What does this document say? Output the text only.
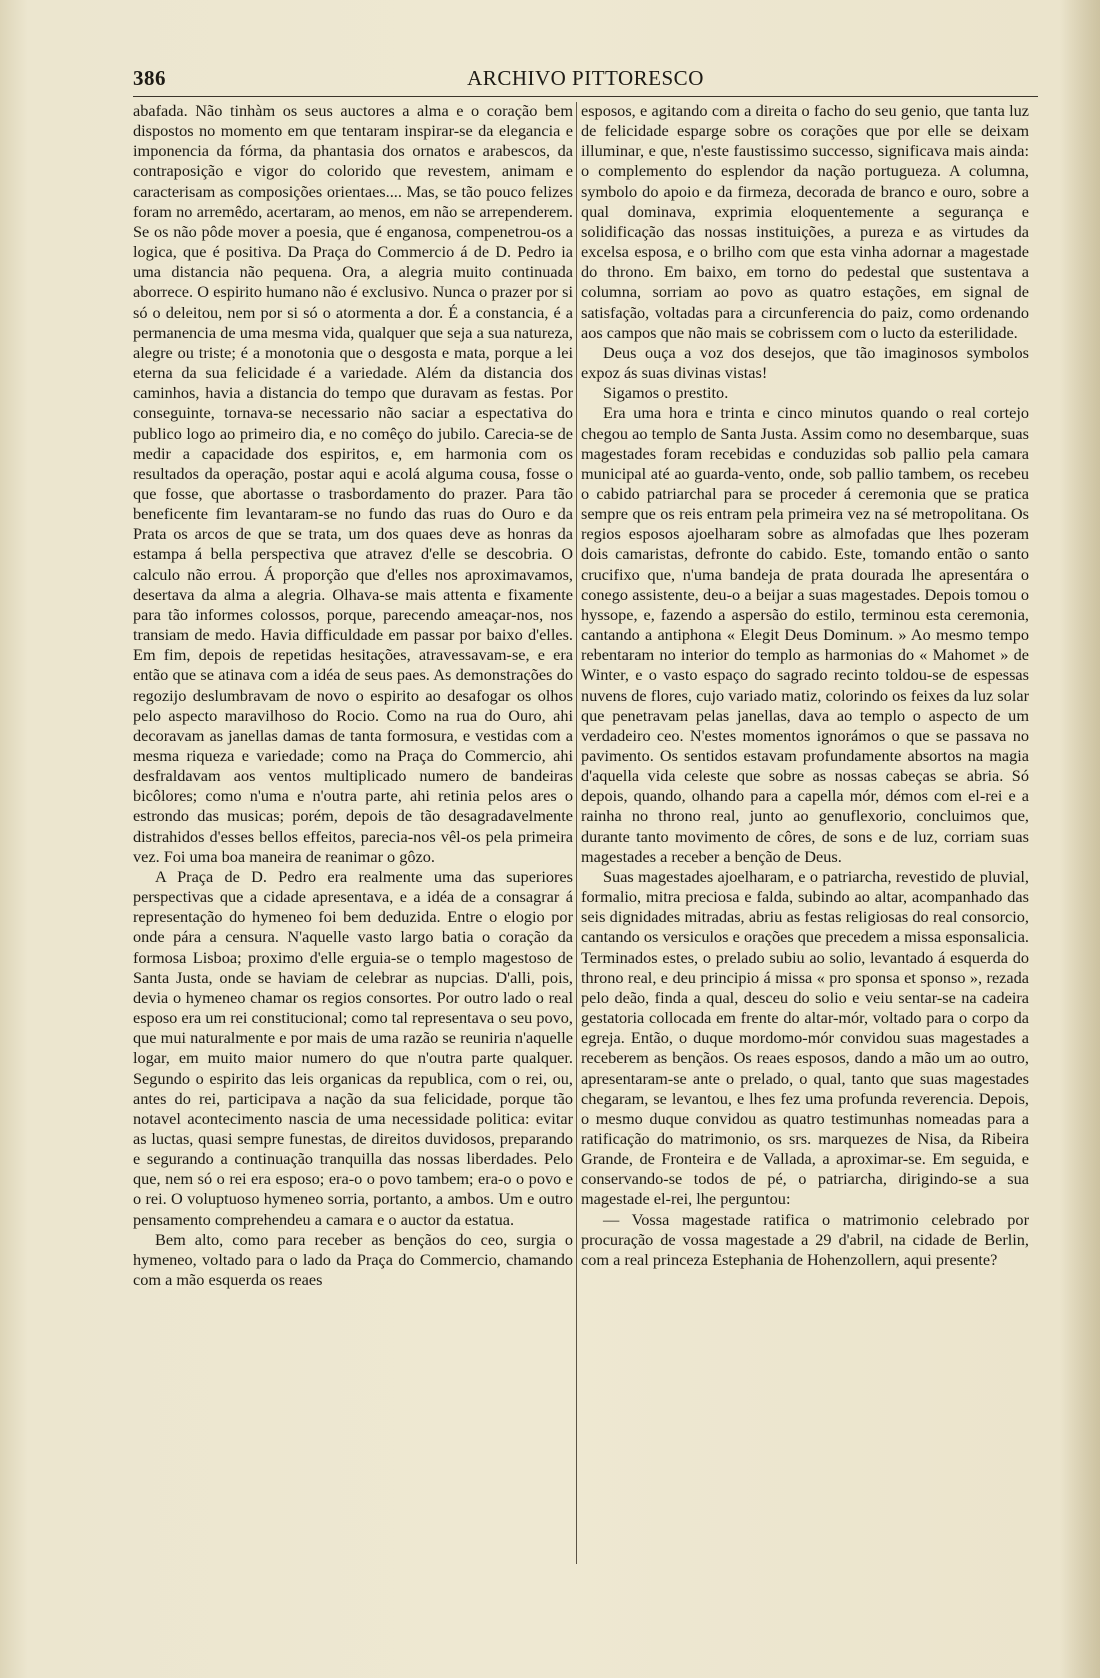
386	ARCHIVO PITTORESCO

abafada. Não tinhàm os seus auctores a alma e o coração bem dispostos no momento em que tentaram inspirar-se da elegancia e imponencia da fórma, da phantasia dos ornatos e arabescos, da contraposição e vigor do colorido que revestem, animam e caracterisam as composições orientaes.... Mas, se tão pouco felizes foram no arremêdo, acertaram, ao menos, em não se arrependerem. Se os não pôde mover a poesia, que é enganosa, compenetrou-os a logica, que é positiva. Da Praça do Commercio á de D. Pedro ia uma distancia não pequena. Ora, a alegria muito continuada aborrece. O espirito humano não é exclusivo. Nunca o prazer por si só o deleitou, nem por si só o atormenta a dor. É a constancia, é a permanencia de uma mesma vida, qualquer que seja a sua natureza, alegre ou triste; é a monotonia que o desgosta e mata, porque a lei eterna da sua felicidade é a variedade. Além da distancia dos caminhos, havia a distancia do tempo que duravam as festas. Por conseguinte, tornava-se necessario não saciar a espectativa do publico logo ao primeiro dia, e no comêço do jubilo. Carecia-se de medir a capacidade dos espiritos, e, em harmonia com os resultados da operação, postar aqui e acolá alguma cousa, fosse o que fosse, que abortasse o trasbordamento do prazer. Para tão beneficente fim levantaram-se no fundo das ruas do Ouro e da Prata os arcos de que se trata, um dos quaes deve as honras da estampa á bella perspectiva que atravez d'elle se descobria. O calculo não errou. Á proporção que d'elles nos aproximavamos, desertava da alma a alegria. Olhava-se mais attenta e fixamente para tão informes colossos, porque, parecendo ameaçar-nos, nos transiam de medo. Havia difficuldade em passar por baixo d'elles. Em fim, depois de repetidas hesitações, atravessavam-se, e era então que se atinava com a idéa de seus paes. As demonstrações do regozijo deslumbravam de novo o espirito ao desafogar os olhos pelo aspecto maravilhoso do Rocio. Como na rua do Ouro, ahi decoravam as janellas damas de tanta formosura, e vestidas com a mesma riqueza e variedade; como na Praça do Commercio, ahi desfraldavam aos ventos multiplicado numero de bandeiras bicôlores; como n'uma e n'outra parte, ahi retinia pelos ares o estrondo das musicas; porém, depois de tão desagradavelmente distrahidos d'esses bellos effeitos, parecia-nos vêl-os pela primeira vez. Foi uma boa maneira de reanimar o gôzo.

A Praça de D. Pedro era realmente uma das superiores perspectivas que a cidade apresentava, e a idéa de a consagrar á representação do hymeneo foi bem deduzida. Entre o elogio por onde pára a censura. N'aquelle vasto largo batia o coração da formosa Lisboa; proximo d'elle erguia-se o templo magestoso de Santa Justa, onde se haviam de celebrar as nupcias. D'alli, pois, devia o hymeneo chamar os regios consortes. Por outro lado o real esposo era um rei constitucional; como tal representava o seu povo, que mui naturalmente e por mais de uma razão se reuniria n'aquelle logar, em muito maior numero do que n'outra parte qualquer. Segundo o espirito das leis organicas da republica, com o rei, ou, antes do rei, participava a nação da sua felicidade, porque tão notavel acontecimento nascia de uma necessidade politica: evitar as luctas, quasi sempre funestas, de direitos duvidosos, preparando e segurando a continuação tranquilla das nossas liberdades. Pelo que, nem só o rei era esposo; era-o o povo tambem; era-o o povo e o rei. O voluptuoso hymeneo sorria, portanto, a ambos. Um e outro pensamento comprehendeu a camara e o auctor da estatua.

Bem alto, como para receber as bençãos do ceo, surgia o hymeneo, voltado para o lado da Praça do Commercio, chamando com a mão esquerda os reaes

esposos, e agitando com a direita o facho do seu genio, que tanta luz de felicidade esparge sobre os corações que por elle se deixam illuminar, e que, n'este faustissimo successo, significava mais ainda: o complemento do esplendor da nação portugueza. A columna, symbolo do apoio e da firmeza, decorada de branco e ouro, sobre a qual dominava, exprimia eloquentemente a segurança e solidificação das nossas instituições, a pureza e as virtudes da excelsa esposa, e o brilho com que esta vinha adornar a magestade do throno. Em baixo, em torno do pedestal que sustentava a columna, sorriam ao povo as quatro estações, em signal de satisfação, voltadas para a circunferencia do paiz, como ordenando aos campos que não mais se cobrissem com o lucto da esterilidade.

Deus ouça a voz dos desejos, que tão imaginosos symbolos expoz ás suas divinas vistas!

Sigamos o prestito.

Era uma hora e trinta e cinco minutos quando o real cortejo chegou ao templo de Santa Justa. Assim como no desembarque, suas magestades foram recebidas e conduzidas sob pallio pela camara municipal até ao guarda-vento, onde, sob pallio tambem, os recebeu o cabido patriarchal para se proceder á ceremonia que se pratica sempre que os reis entram pela primeira vez na sé metropolitana. Os regios esposos ajoelharam sobre as almofadas que lhes pozeram dois camaristas, defronte do cabido. Este, tomando então o santo crucifixo que, n'uma bandeja de prata dourada lhe apresentára o conego assistente, deu-o a beijar a suas magestades. Depois tomou o hyssope, e, fazendo a aspersão do estilo, terminou esta ceremonia, cantando a antiphona « Elegit Deus Dominum. » Ao mesmo tempo rebentaram no interior do templo as harmonias do « Mahomet » de Winter, e o vasto espaço do sagrado recinto toldou-se de espessas nuvens de flores, cujo variado matiz, colorindo os feixes da luz solar que penetravam pelas janellas, dava ao templo o aspecto de um verdadeiro ceo. N'estes momentos ignorámos o que se passava no pavimento. Os sentidos estavam profundamente absortos na magia d'aquella vida celeste que sobre as nossas cabeças se abria. Só depois, quando, olhando para a capella mór, démos com el-rei e a rainha no throno real, junto ao genuflexorio, concluimos que, durante tanto movimento de côres, de sons e de luz, corriam suas magestades a receber a benção de Deus.

Suas magestades ajoelharam, e o patriarcha, revestido de pluvial, formalio, mitra preciosa e falda, subindo ao altar, acompanhado das seis dignidades mitradas, abriu as festas religiosas do real consorcio, cantando os versiculos e orações que precedem a missa esponsalicia. Terminados estes, o prelado subiu ao solio, levantado á esquerda do throno real, e deu principio á missa « pro sponsa et sponso », rezada pelo deão, finda a qual, desceu do solio e veiu sentar-se na cadeira gestatoria collocada em frente do altar-mór, voltado para o corpo da egreja. Então, o duque mordomo-mór convidou suas magestades a receberem as bençãos. Os reaes esposos, dando a mão um ao outro, apresentaram-se ante o prelado, o qual, tanto que suas magestades chegaram, se levantou, e lhes fez uma profunda reverencia. Depois, o mesmo duque convidou as quatro testimunhas nomeadas para a ratificação do matrimonio, os srs. marquezes de Nisa, da Ribeira Grande, de Fronteira e de Vallada, a aproximar-se. Em seguida, e conservando-se todos de pé, o patriarcha, dirigindo-se a sua magestade el-rei, lhe perguntou:

— Vossa magestade ratifica o matrimonio celebrado por procuração de vossa magestade a 29 d'abril, na cidade de Berlin, com a real princeza Estephania de Hohenzollern, aqui presente?
